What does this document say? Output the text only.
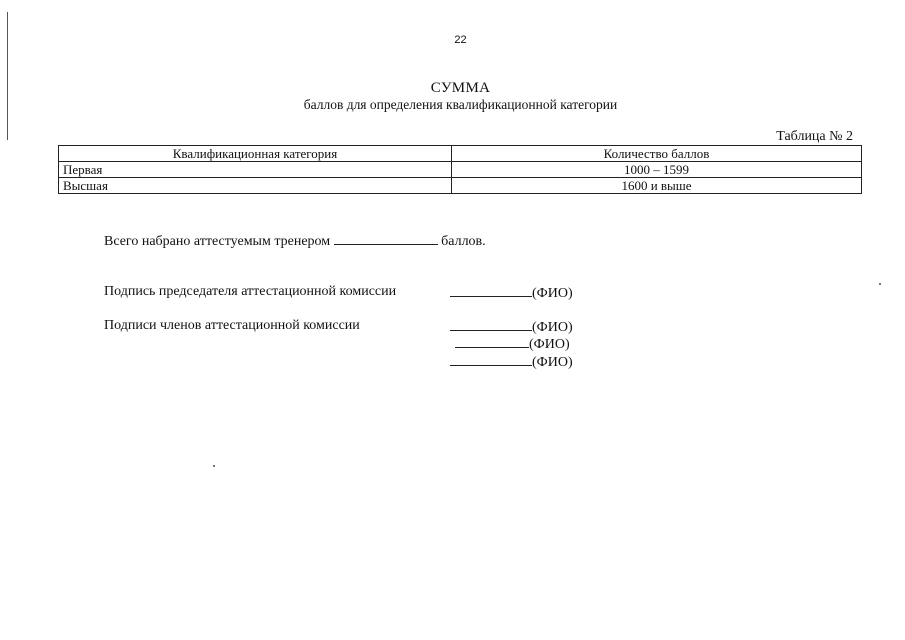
22
СУММА
баллов для определения квалификационной категории
Таблица № 2
Квалификационная категория	Количество баллов
Первая	1000 – 1599
Высшая	1600 и выше
Всего набрано аттестуемым тренером	баллов.
Подпись председателя аттестационной комиссии	(ФИО)
Подписи членов аттестационной комиссии	(ФИО)
(ФИО)
(ФИО)
